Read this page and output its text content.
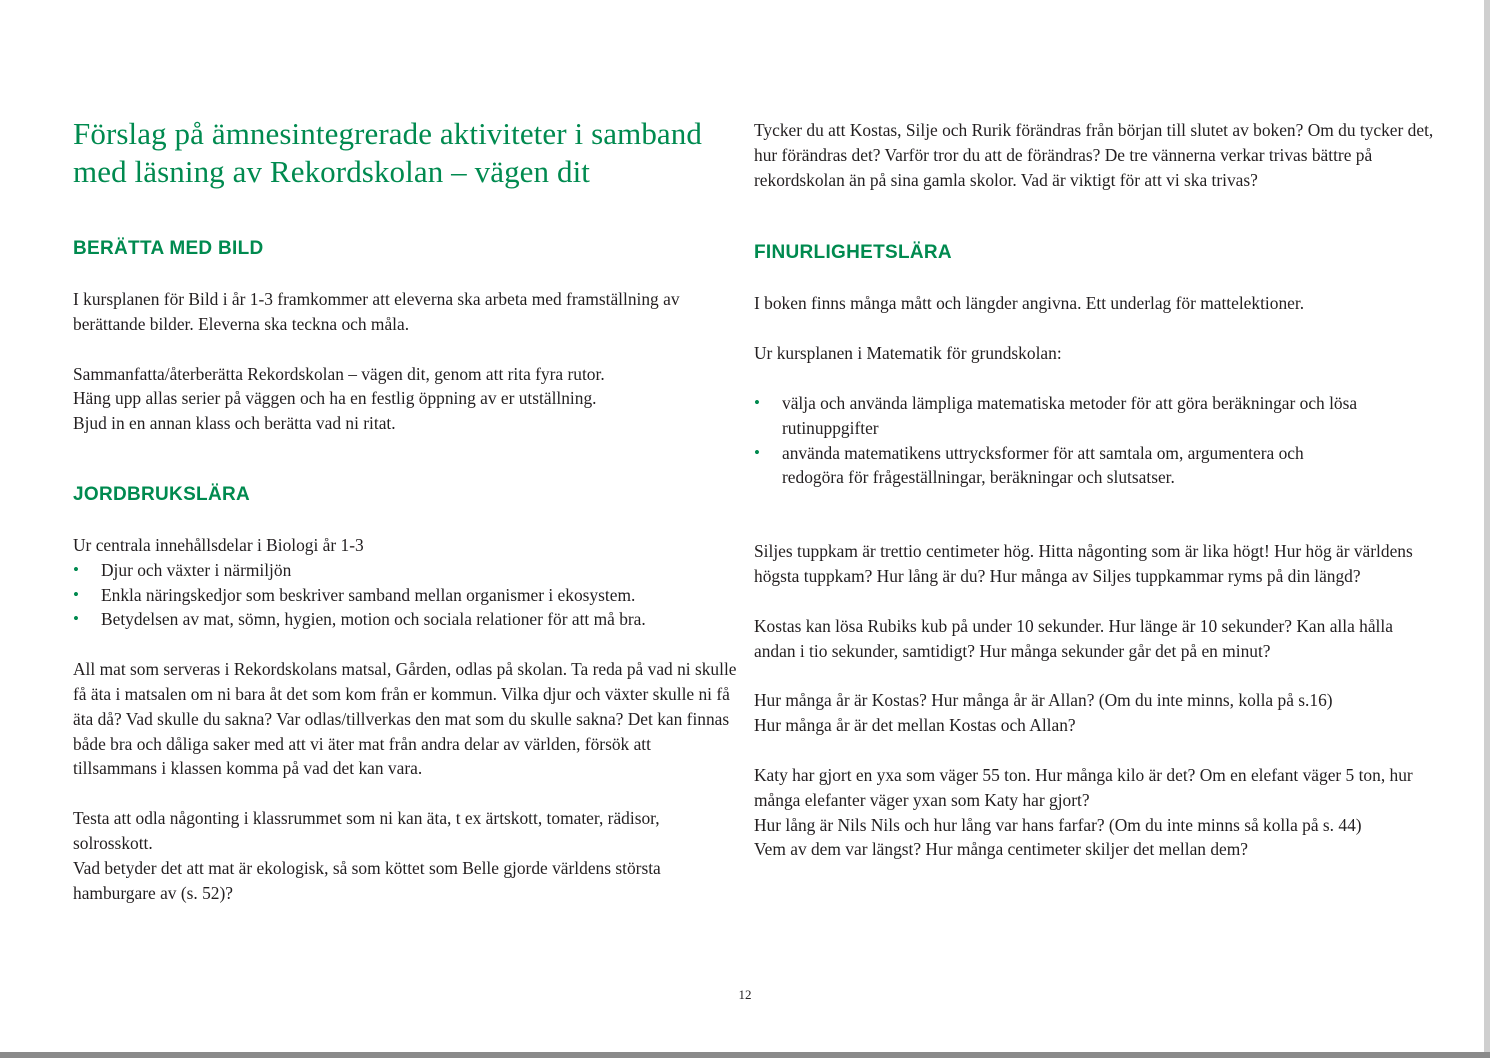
Förslag på ämnesintegrerade aktiviteter i samband med läsning av Rekordskolan – vägen dit
BERÄTTA MED BILD

I kursplanen för Bild i år 1-3 framkommer att eleverna ska arbeta med framställning av berättande bilder. Eleverna ska teckna och måla.

Sammanfatta/återberätta Rekordskolan – vägen dit, genom att rita fyra rutor.

Häng upp allas serier på väggen och ha en festlig öppning av er utställning.

Bjud in en annan klass och berätta vad ni ritat.

JORDBRUKSLÄRA

Ur centrala innehållsdelar i Biologi år 1-3

• Djur och växter i närmiljön
• Enkla näringskedjor som beskriver samband mellan organismer i ekosystem.
• Betydelsen av mat, sömn, hygien, motion och sociala relationer för att må bra.

All mat som serveras i Rekordskolans matsal, Gården, odlas på skolan. Ta reda på vad ni skulle få äta i matsalen om ni bara åt det som kom från er kommun. Vilka djur och växter skulle ni få äta då? Vad skulle du sakna? Var odlas/tillverkas den mat som du skulle sakna? Det kan finnas både bra och dåliga saker med att vi äter mat från andra delar av världen, försök att tillsammans i klassen komma på vad det kan vara.

Testa att odla någonting i klassrummet som ni kan äta, t ex ärtskott, tomater, rädisor, solrosskott.

Vad betyder det att mat är ekologisk, så som köttet som Belle gjorde världens största hamburgare av (s. 52)?

Tycker du att Kostas, Silje och Rurik förändras från början till slutet av boken? Om du tycker det, hur förändras det? Varför tror du att de förändras? De tre vännerna verkar trivas bättre på rekordskolan än på sina gamla skolor. Vad är viktigt för att vi ska trivas?

FINURLIGHETSLÄRA

I boken finns många mått och längder angivna. Ett underlag för mattelektioner.

Ur kursplanen i Matematik för grundskolan:

• välja och använda lämpliga matematiska metoder för att göra beräkningar och lösa rutinuppgifter
• använda matematikens uttrycksformer för att samtala om, argumentera och redogöra för frågeställningar, beräkningar och slutsatser.

Siljes tuppkam är trettio centimeter hög. Hitta någonting som är lika högt! Hur hög är världens högsta tuppkam? Hur lång är du? Hur många av Siljes tuppkammar ryms på din längd?

Kostas kan lösa Rubiks kub på under 10 sekunder. Hur länge är 10 sekunder? Kan alla hålla andan i tio sekunder, samtidigt? Hur många sekunder går det på en minut?

Hur många år är Kostas? Hur många år är Allan? (Om du inte minns, kolla på s.16)

Hur många år är det mellan Kostas och Allan?

Katy har gjort en yxa som väger 55 ton. Hur många kilo är det? Om en elefant väger 5 ton, hur många elefanter väger yxan som Katy har gjort?

Hur lång är Nils Nils och hur lång var hans farfar? (Om du inte minns så kolla på s. 44)

Vem av dem var längst? Hur många centimeter skiljer det mellan dem?

12
